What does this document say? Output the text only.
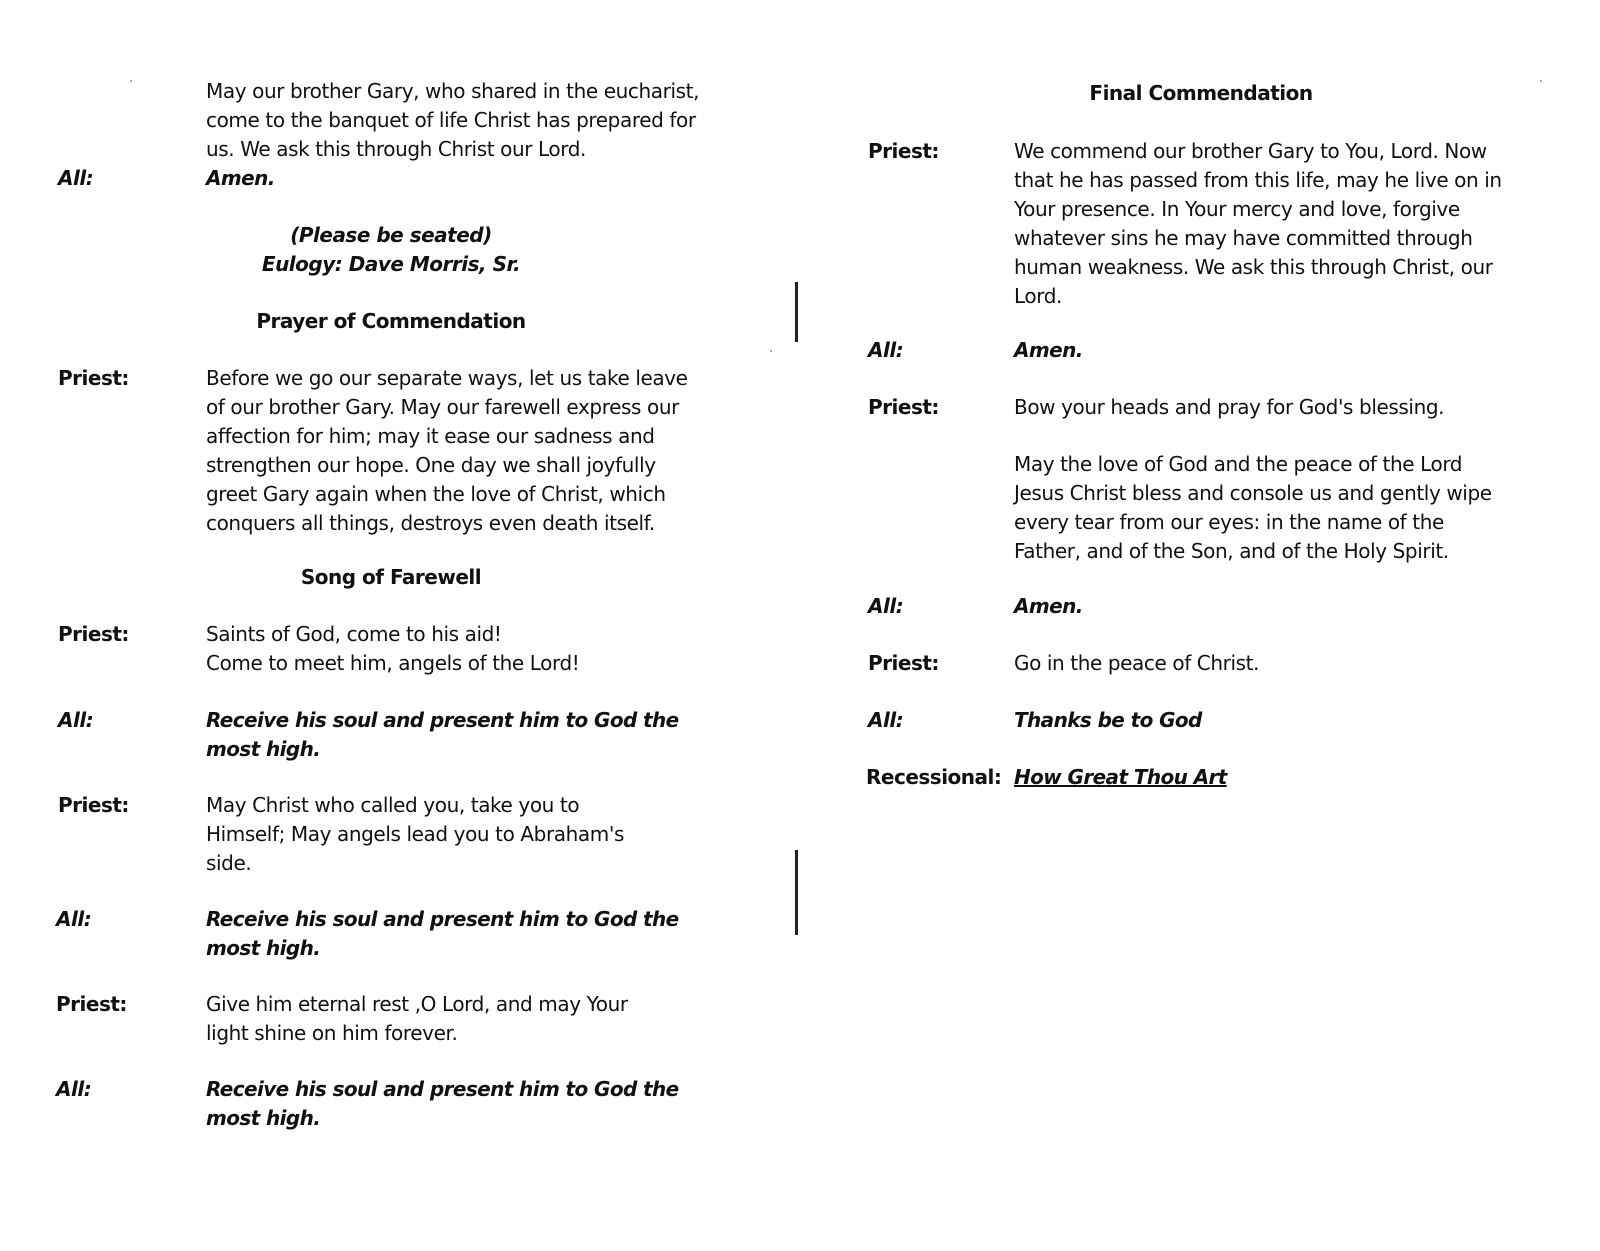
May our brother Gary, who shared in the eucharist,
come to the banquet of life Christ has prepared for
us. We ask this through Christ our Lord.
All:	Amen.
(Please be seated)
Eulogy: Dave Morris, Sr.
Prayer of Commendation
Priest:	Before we go our separate ways, let us take leave
of our brother Gary. May our farewell express our
affection for him; may it ease our sadness and
strengthen our hope. One day we shall joyfully
greet Gary again when the love of Christ, which
conquers all things, destroys even death itself.
Song of Farewell
Priest:	Saints of God, come to his aid!
Come to meet him, angels of the Lord!
All:	Receive his soul and present him to God the
most high.
Priest:	May Christ who called you, take you to
Himself; May angels lead you to Abraham's
side.
All:	Receive his soul and present him to God the
most high.
Priest:	Give him eternal rest ,O Lord, and may Your
light shine on him forever.
All:	Receive his soul and present him to God the
most high.
Final Commendation
Priest:	We commend our brother Gary to You, Lord. Now
that he has passed from this life, may he live on in
Your presence. In Your mercy and love, forgive
whatever sins he may have committed through
human weakness. We ask this through Christ, our
Lord.
All:	Amen.
Priest:	Bow your heads and pray for God's blessing.
May the love of God and the peace of the Lord
Jesus Christ bless and console us and gently wipe
every tear from our eyes: in the name of the
Father, and of the Son, and of the Holy Spirit.
All:	Amen.
Priest:	Go in the peace of Christ.
All:	Thanks be to God
Recessional: How Great Thou Art
